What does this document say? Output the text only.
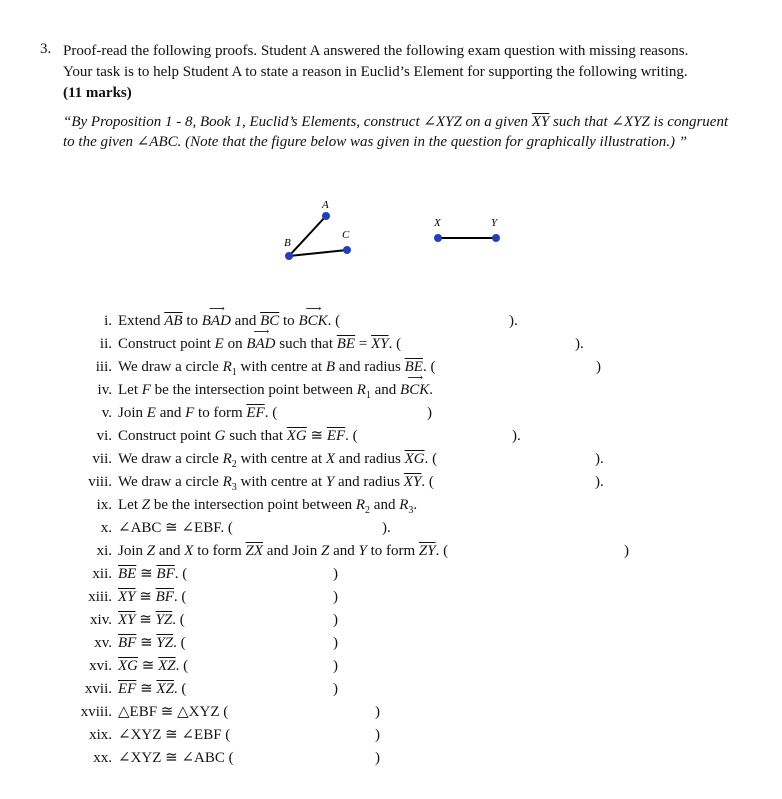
3. Proof-read the following proofs. Student A answered the following exam question with missing reasons.

Your task is to help Student A to state a reason in Euclid’s Element for supporting the following writing.

(11 marks)

“By Proposition 1 - 8, Book 1, Euclid’s Elements, construct ∠XYZ on a given $\overline{XY}$ such that ∠XYZ is congruent to the given ∠ABC. (Note that the figure below was given in the question for graphically illustration.) ”
A
B
C
X	Y
i. Extend $\overline{AB}$ to ⟶ BAD and $\overline{BC}$ to ⟶ BCK. (	).
ii. Construct point E on ⟶ BAD such that $\overline{BE} = \overline{XY}$. (	).
iii. We draw a circle $R_1$ with centre at B and radius $\overline{BE}$. (	)
iv. Let F be the intersection point between $R_1$ and ⟶ BCK.
v. Join E and F to form $\overline{EF}$. (	)
vi. Construct point G such that $\overline{XG}$ ≅ $\overline{EF}$. (	).
vii. We draw a circle $R_2$ with centre at X and radius $\overline{XG}$. (	).
viii. We draw a circle $R_3$ with centre at Y and radius $\overline{XY}$. (	).
ix. Let Z be the intersection point between $R_2$ and $R_3$.
x. ∠ABC ≅ ∠EBF. (	).
xi. Join Z and X to form $\overline{ZX}$ and Join Z and Y to form $\overline{ZY}$. (	)
xii. $\overline{BE}$ ≅ $\overline{BF}$. (	)
xiii. $\overline{XY}$ ≅ $\overline{BF}$. (	)
xiv. $\overline{XY}$ ≅ $\overline{YZ}$. (	)
xv. $\overline{BF}$ ≅ $\overline{YZ}$. (	)
xvi. $\overline{XG}$ ≅ $\overline{XZ}$. (	)
xvii. $\overline{EF}$ ≅ $\overline{XZ}$. (	)
xviii. △EBF ≅ △XYZ (	)
xix. ∠XYZ ≅ ∠EBF (	)
xx. ∠XYZ ≅ ∠ABC (	)
